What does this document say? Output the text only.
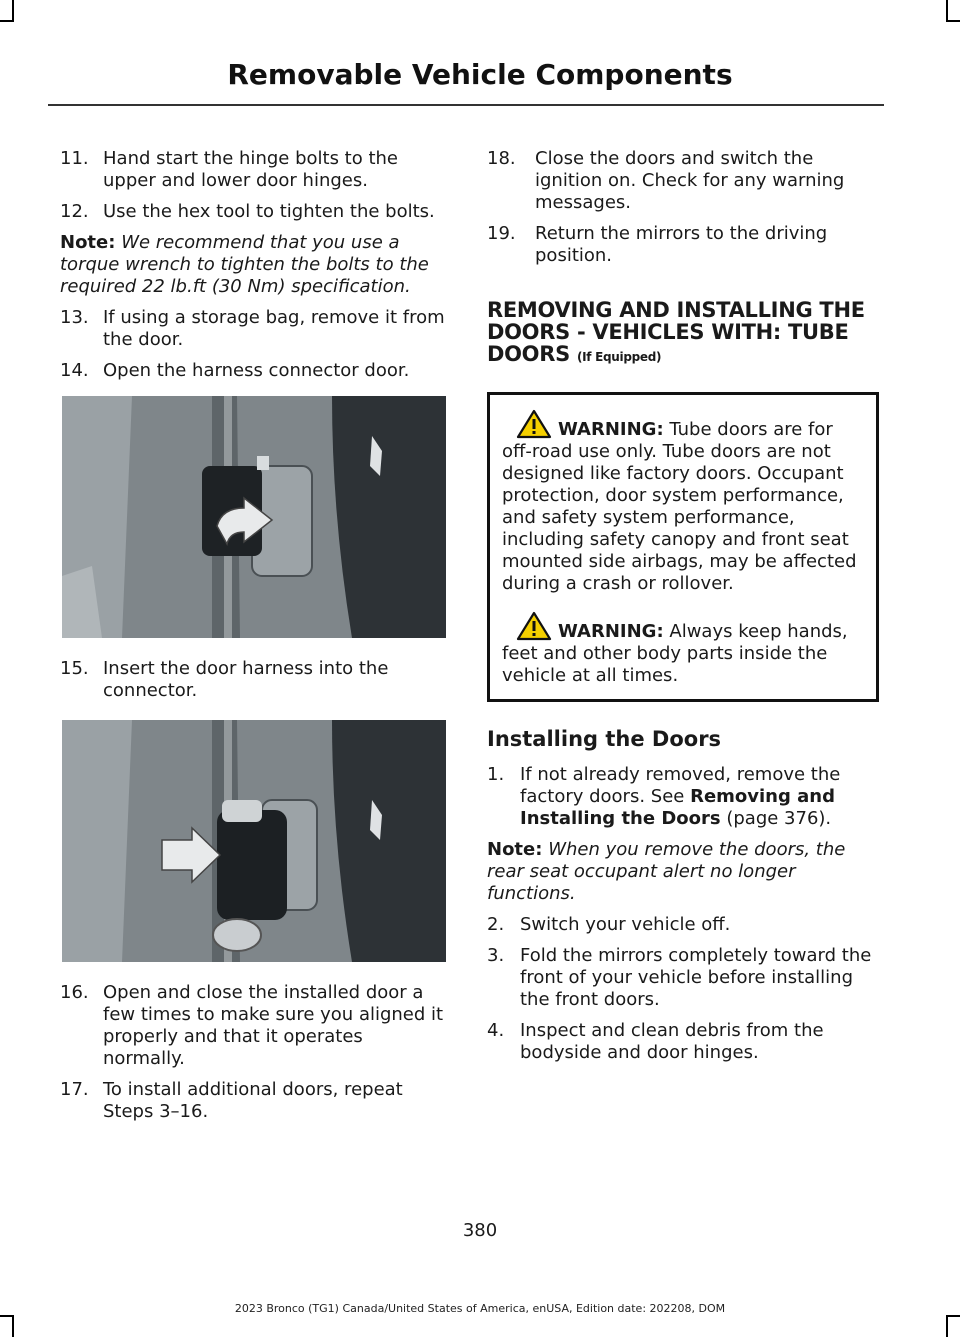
Removable Vehicle Components
11. Hand start the hinge bolts to the upper and lower door hinges.
12. Use the hex tool to tighten the bolts.

Note: We recommend that you use a torque wrench to tighten the bolts to the required 22 lb.ft (30 Nm) specification.

13. If using a storage bag, remove it from the door.
14. Open the harness connector door.
15. Insert the door harness into the connector.
16. Open and close the installed door a few times to make sure you aligned it properly and that it operates normally.
17. To install additional doors, repeat Steps 3–16.
18.	Close the doors and switch the ignition on. Check for any warning messages.
19.	Return the mirrors to the driving position.
REMOVING AND INSTALLING THE DOORS - VEHICLES WITH: TUBE DOORS (If Equipped)
WARNING: Tube doors are for off-road use only. Tube doors are not designed like factory doors. Occupant protection, door system performance, and safety system performance, including safety canopy and front seat mounted side airbags, may be affected during a crash or rollover.
WARNING: Always keep hands, feet and other body parts inside the vehicle at all times.
Installing the Doors
1. If not already removed, remove the factory doors. See Removing and Installing the Doors (page 376).

Note: When you remove the doors, the rear seat occupant alert no longer functions.

2. Switch your vehicle off.
3. Fold the mirrors completely toward the front of your vehicle before installing the front doors.
4. Inspect and clean debris from the bodyside and door hinges.
380
2023 Bronco (TG1) Canada/United States of America, enUSA, Edition date: 202208, DOM
